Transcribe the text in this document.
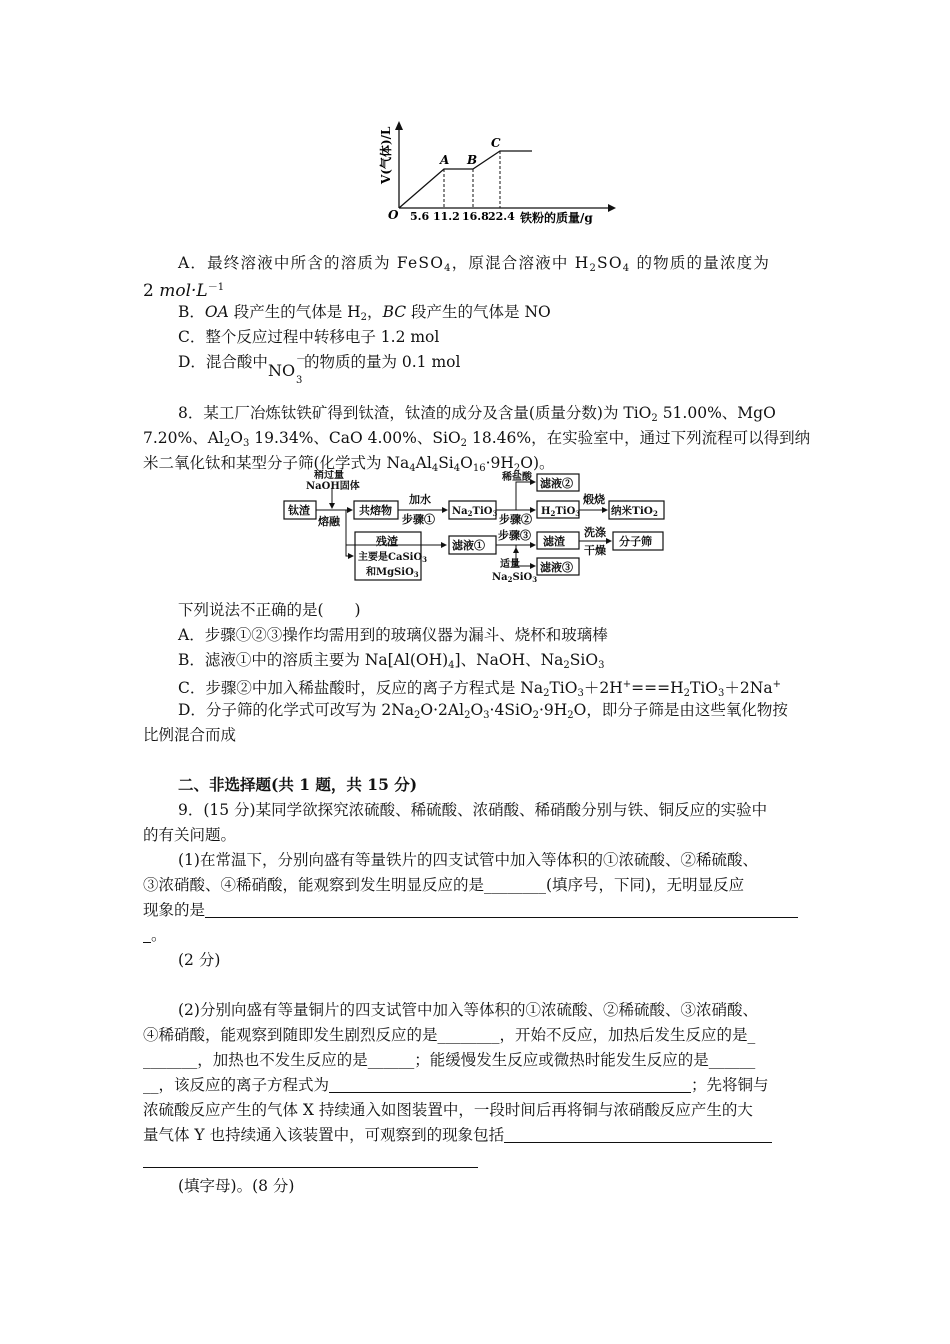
V(气体)/L
O 5.6 11.2 16.8 22.4 铁粉的质量/g
A B
C
A．最终溶液中所含的溶质为 FeSO$_4$，原混合溶液中 $H_2SO_4$ 的物质的量浓度为
2 $mol\cdot L^{-1}$
B．OA 段产生的气体是 $H_2$，BC 段产生的气体是 NO
C．整个反应过程中转移电子 1.2 mol
D．混合酸中 NO
3
－
的物质的量为 0.1 mol
8．某工厂冶炼钛铁矿得到钛渣，钛渣的成分及含量(质量分数)为 TiO$_2$ 51.00%、MgO
7.20%、$Al_2O_3$ 19.34%、CaO 4.00%、SiO$_2$ 18.46%，在实验室中，通过下列流程可以得到纳
米二氧化钛和某型分子筛(化学式为 $Na_4Al_4Si_4O_{16}\cdot 9H_2O$)。
钛渣
稍过量
NaOH固体
熔融
共熔物
加水
步骤①
$Na_2TiO_3$
稀盐酸
步骤②
滤液②
$H_2TiO_3$
煅烧
纳米TiO2
残渣
主要是CaSiO$_3$
和MgSiO$_3$
滤液①
步骤③ 滤渣
洗涤
干燥
分子筛
适量
$Na_2SiO_3$
滤液③
下列说法不正确的是(　　)
A．步骤①②③操作均需用到的玻璃仪器为漏斗、烧杯和玻璃棒
B．滤液①中的溶质主要为 $Na[Al(OH)_4]$、NaOH、$Na_2SiO_3$
C．步骤②中加入稀盐酸时，反应的离子方程式是 $Na_2TiO_3+2H^+===H_2TiO_3+2Na^+$
D．分子筛的化学式可改写为 $2Na_2O\cdot 2Al_2O_3\cdot 4SiO_2\cdot 9H_2O$，即分子筛是由这些氧化物按
比例混合而成
二、非选择题(共 1 题，共 15 分)
9．(15 分)某同学欲探究浓硫酸、稀硫酸、浓硝酸、稀硝酸分别与铁、铜反应的实验中
的有关问题。
(1)在常温下，分别向盛有等量铁片的四支试管中加入等体积的①浓硫酸、②稀硫酸、
③浓硝酸、④稀硝酸，能观察到发生明显反应的是________(填序号，下同)，无明显反应
现象的是
。
(2 分)
(2)分别向盛有等量铜片的四支试管中加入等体积的①浓硫酸、②稀硫酸、③浓硝酸、
④稀硝酸，能观察到随即发生剧烈反应的是________，开始不反应，加热后发生反应的是_
_______，加热也不发生反应的是______；能缓慢发生反应或微热时能发生反应的是______
__，该反应的离子方程式为	；先将铜与
浓硫酸反应产生的气体 X 持续通入如图装置中，一段时间后再将铜与浓硝酸反应产生的大
量气体 Y 也持续通入该装置中，可观察到的现象包括
(填字母)。(8 分)
